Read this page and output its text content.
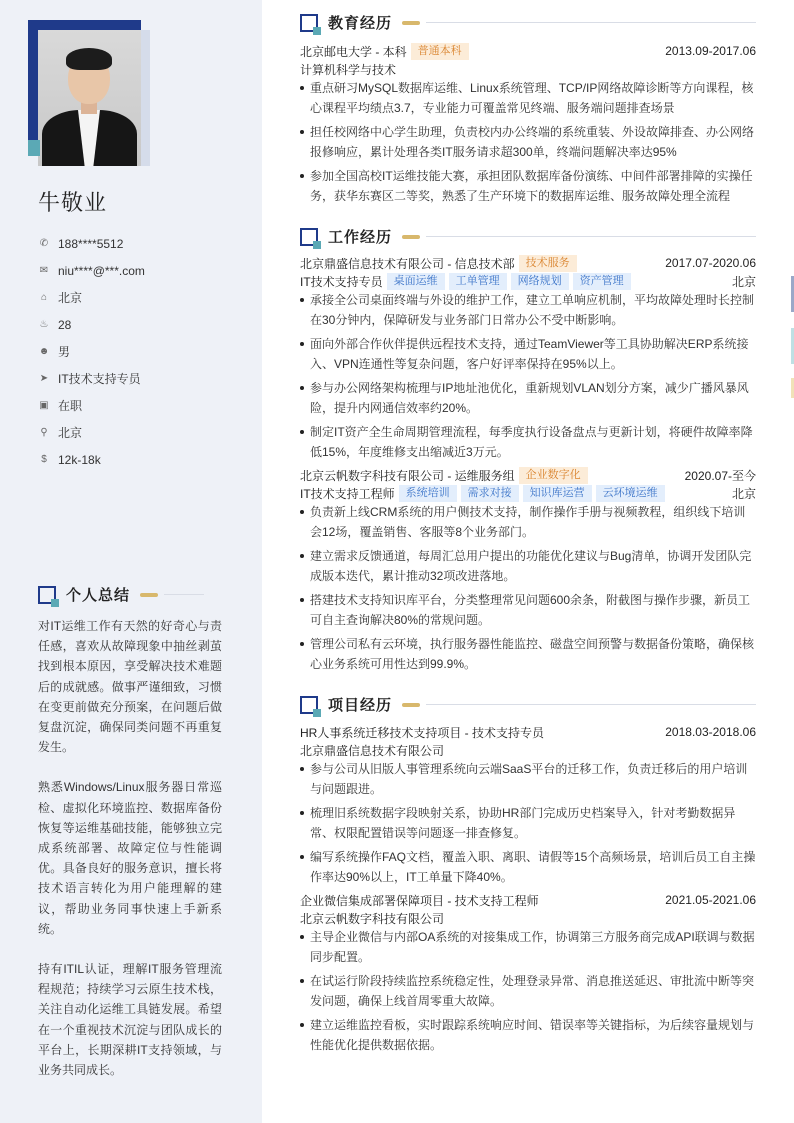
牛敬业
✆ 188****5512
✉ niu****@***.com
⌂ 北京
♨ 28
☻ 男
➤ IT技术支持专员
▣ 在职
⚲ 北京
$ 12k-18k
个人总结

对IT运维工作有天然的好奇心与责任感，喜欢从故障现象中抽丝剥茧找到根本原因，享受解决技术难题后的成就感。做事严谨细致，习惯在变更前做充分预案，在问题后做复盘沉淀，确保同类问题不再重复发生。

熟悉Windows/Linux服务器日常巡检、虚拟化环境监控、数据库备份恢复等运维基础技能，能够独立完成系统部署、故障定位与性能调优。具备良好的服务意识，擅长将技术语言转化为用户能理解的建议，帮助业务同事快速上手新系统。

持有ITIL认证，理解IT服务管理流程规范；持续学习云原生技术栈，关注自动化运维工具链发展。希望在一个重视技术沉淀与团队成长的平台上，长期深耕IT支持领域，与业务共同成长。

教育经历
北京邮电大学 - 本科	普通本科	2013.09-2017.06
计算机科学与技术
重点研习MySQL数据库运维、Linux系统管理、TCP/IP网络故障诊断等方向课程，核心课程平均绩点3.7，专业能力可覆盖常见终端、服务端问题排查场景
担任校网络中心学生助理，负责校内办公终端的系统重装、外设故障排查、办公网络报修响应，累计处理各类IT服务请求超300单，终端问题解决率达95%
参加全国高校IT运维技能大赛，承担团队数据库备份演练、中间件部署排障的实操任务，获华东赛区二等奖，熟悉了生产环境下的数据库运维、服务故障处理全流程
工作经历
北京鼎盛信息技术有限公司 - 信息技术部	技术服务	2017.07-2020.06
IT技术支持专员	桌面运维	工单管理	网络规划	资产管理	北京
承接全公司桌面终端与外设的维护工作，建立工单响应机制，平均故障处理时长控制在30分钟内，保障研发与业务部门日常办公不受中断影响。
面向外部合作伙伴提供远程技术支持，通过TeamViewer等工具协助解决ERP系统接入、VPN连通性等复杂问题，客户好评率保持在95%以上。
参与办公网络架构梳理与IP地址池优化，重新规划VLAN划分方案，减少广播风暴风险，提升内网通信效率约20%。
制定IT资产全生命周期管理流程，每季度执行设备盘点与更新计划，将硬件故障率降低15%，年度维修支出缩减近3万元。
北京云帆数字科技有限公司 - 运维服务组	企业数字化	2020.07-至今
IT技术支持工程师	系统培训	需求对接	知识库运营	云环境运维	北京
负责新上线CRM系统的用户侧技术支持，制作操作手册与视频教程，组织线下培训会12场，覆盖销售、客服等8个业务部门。
建立需求反馈通道，每周汇总用户提出的功能优化建议与Bug清单，协调开发团队完成版本迭代，累计推动32项改进落地。
搭建技术支持知识库平台，分类整理常见问题600余条，附截图与操作步骤，新员工可自主查询解决80%的常规问题。
管理公司私有云环境，执行服务器性能监控、磁盘空间预警与数据备份策略，确保核心业务系统可用性达到99.9%。
项目经历
HR人事系统迁移技术支持项目 - 技术支持专员	2018.03-2018.06
北京鼎盛信息技术有限公司
参与公司从旧版人事管理系统向云端SaaS平台的迁移工作，负责迁移后的用户培训与问题跟进。
梳理旧系统数据字段映射关系，协助HR部门完成历史档案导入，针对考勤数据异常、权限配置错误等问题逐一排查修复。
编写系统操作FAQ文档，覆盖入职、离职、请假等15个高频场景，培训后员工自主操作率达90%以上，IT工单量下降40%。
企业微信集成部署保障项目 - 技术支持工程师	2021.05-2021.06
北京云帆数字科技有限公司
主导企业微信与内部OA系统的对接集成工作，协调第三方服务商完成API联调与数据同步配置。
在试运行阶段持续监控系统稳定性，处理登录异常、消息推送延迟、审批流中断等突发问题，确保上线首周零重大故障。
建立运维监控看板，实时跟踪系统响应时间、错误率等关键指标，为后续容量规划与性能优化提供数据依据。
